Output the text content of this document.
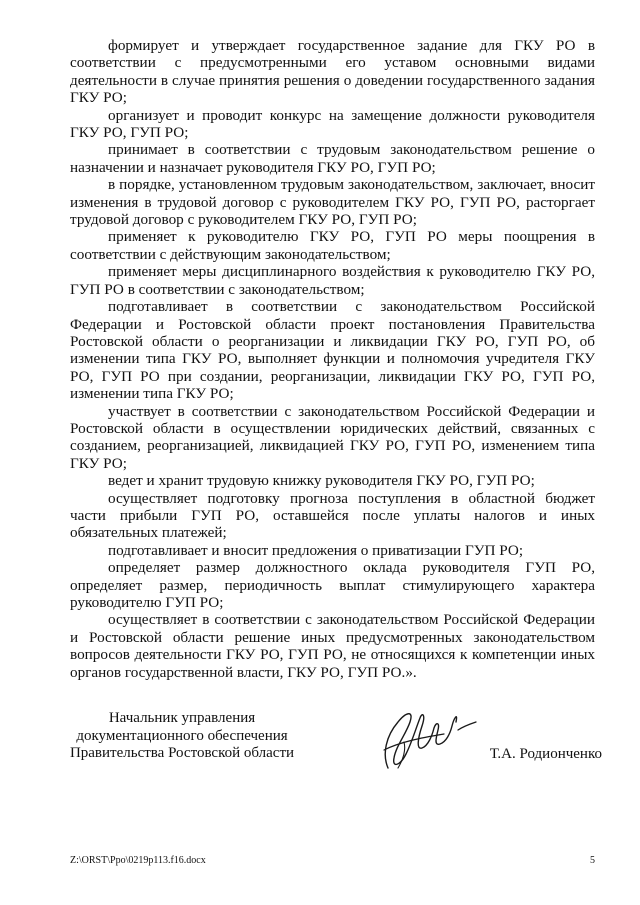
формирует и утверждает государственное задание для ГКУ РО в соответствии с предусмотренными его уставом основными видами деятельности в случае принятия решения о доведении государственного задания ГКУ РО;

организует и проводит конкурс на замещение должности руководителя ГКУ РО, ГУП РО;

принимает в соответствии с трудовым законодательством решение о назначении и назначает руководителя ГКУ РО, ГУП РО;

в порядке, установленном трудовым законодательством, заключает, вносит изменения в трудовой договор с руководителем ГКУ РО, ГУП РО, расторгает трудовой договор с руководителем ГКУ РО, ГУП РО;

применяет к руководителю ГКУ РО, ГУП РО меры поощрения в соответствии с действующим законодательством;

применяет меры дисциплинарного воздействия к руководителю ГКУ РО, ГУП РО в соответствии с законодательством;

подготавливает в соответствии с законодательством Российской Федерации и Ростовской области проект постановления Правительства Ростовской области о реорганизации и ликвидации ГКУ РО, ГУП РО, об изменении типа ГКУ РО, выполняет функции и полномочия учредителя ГКУ РО, ГУП РО при создании, реорганизации, ликвидации ГКУ РО, ГУП РО, изменении типа ГКУ РО;

участвует в соответствии с законодательством Российской Федерации и Ростовской области в осуществлении юридических действий, связанных с созданием, реорганизацией, ликвидацией ГКУ РО, ГУП РО, изменением типа ГКУ РО;

ведет и хранит трудовую книжку руководителя ГКУ РО, ГУП РО;

осуществляет подготовку прогноза поступления в областной бюджет части прибыли ГУП РО, оставшейся после уплаты налогов и иных обязательных платежей;

подготавливает и вносит предложения о приватизации ГУП РО;

определяет размер должностного оклада руководителя ГУП РО, определяет размер, периодичность выплат стимулирующего характера руководителю ГУП РО;

осуществляет в соответствии с законодательством Российской Федерации и Ростовской области решение иных предусмотренных законодательством вопросов деятельности ГКУ РО, ГУП РО, не относящихся к компетенции иных органов государственной власти, ГКУ РО, ГУП РО.».

Начальник управления
документационного обеспечения
Правительства Ростовской области	Т.А. Родионченко
Z:\ORST\Ppo\0219p113.f16.docx	5
